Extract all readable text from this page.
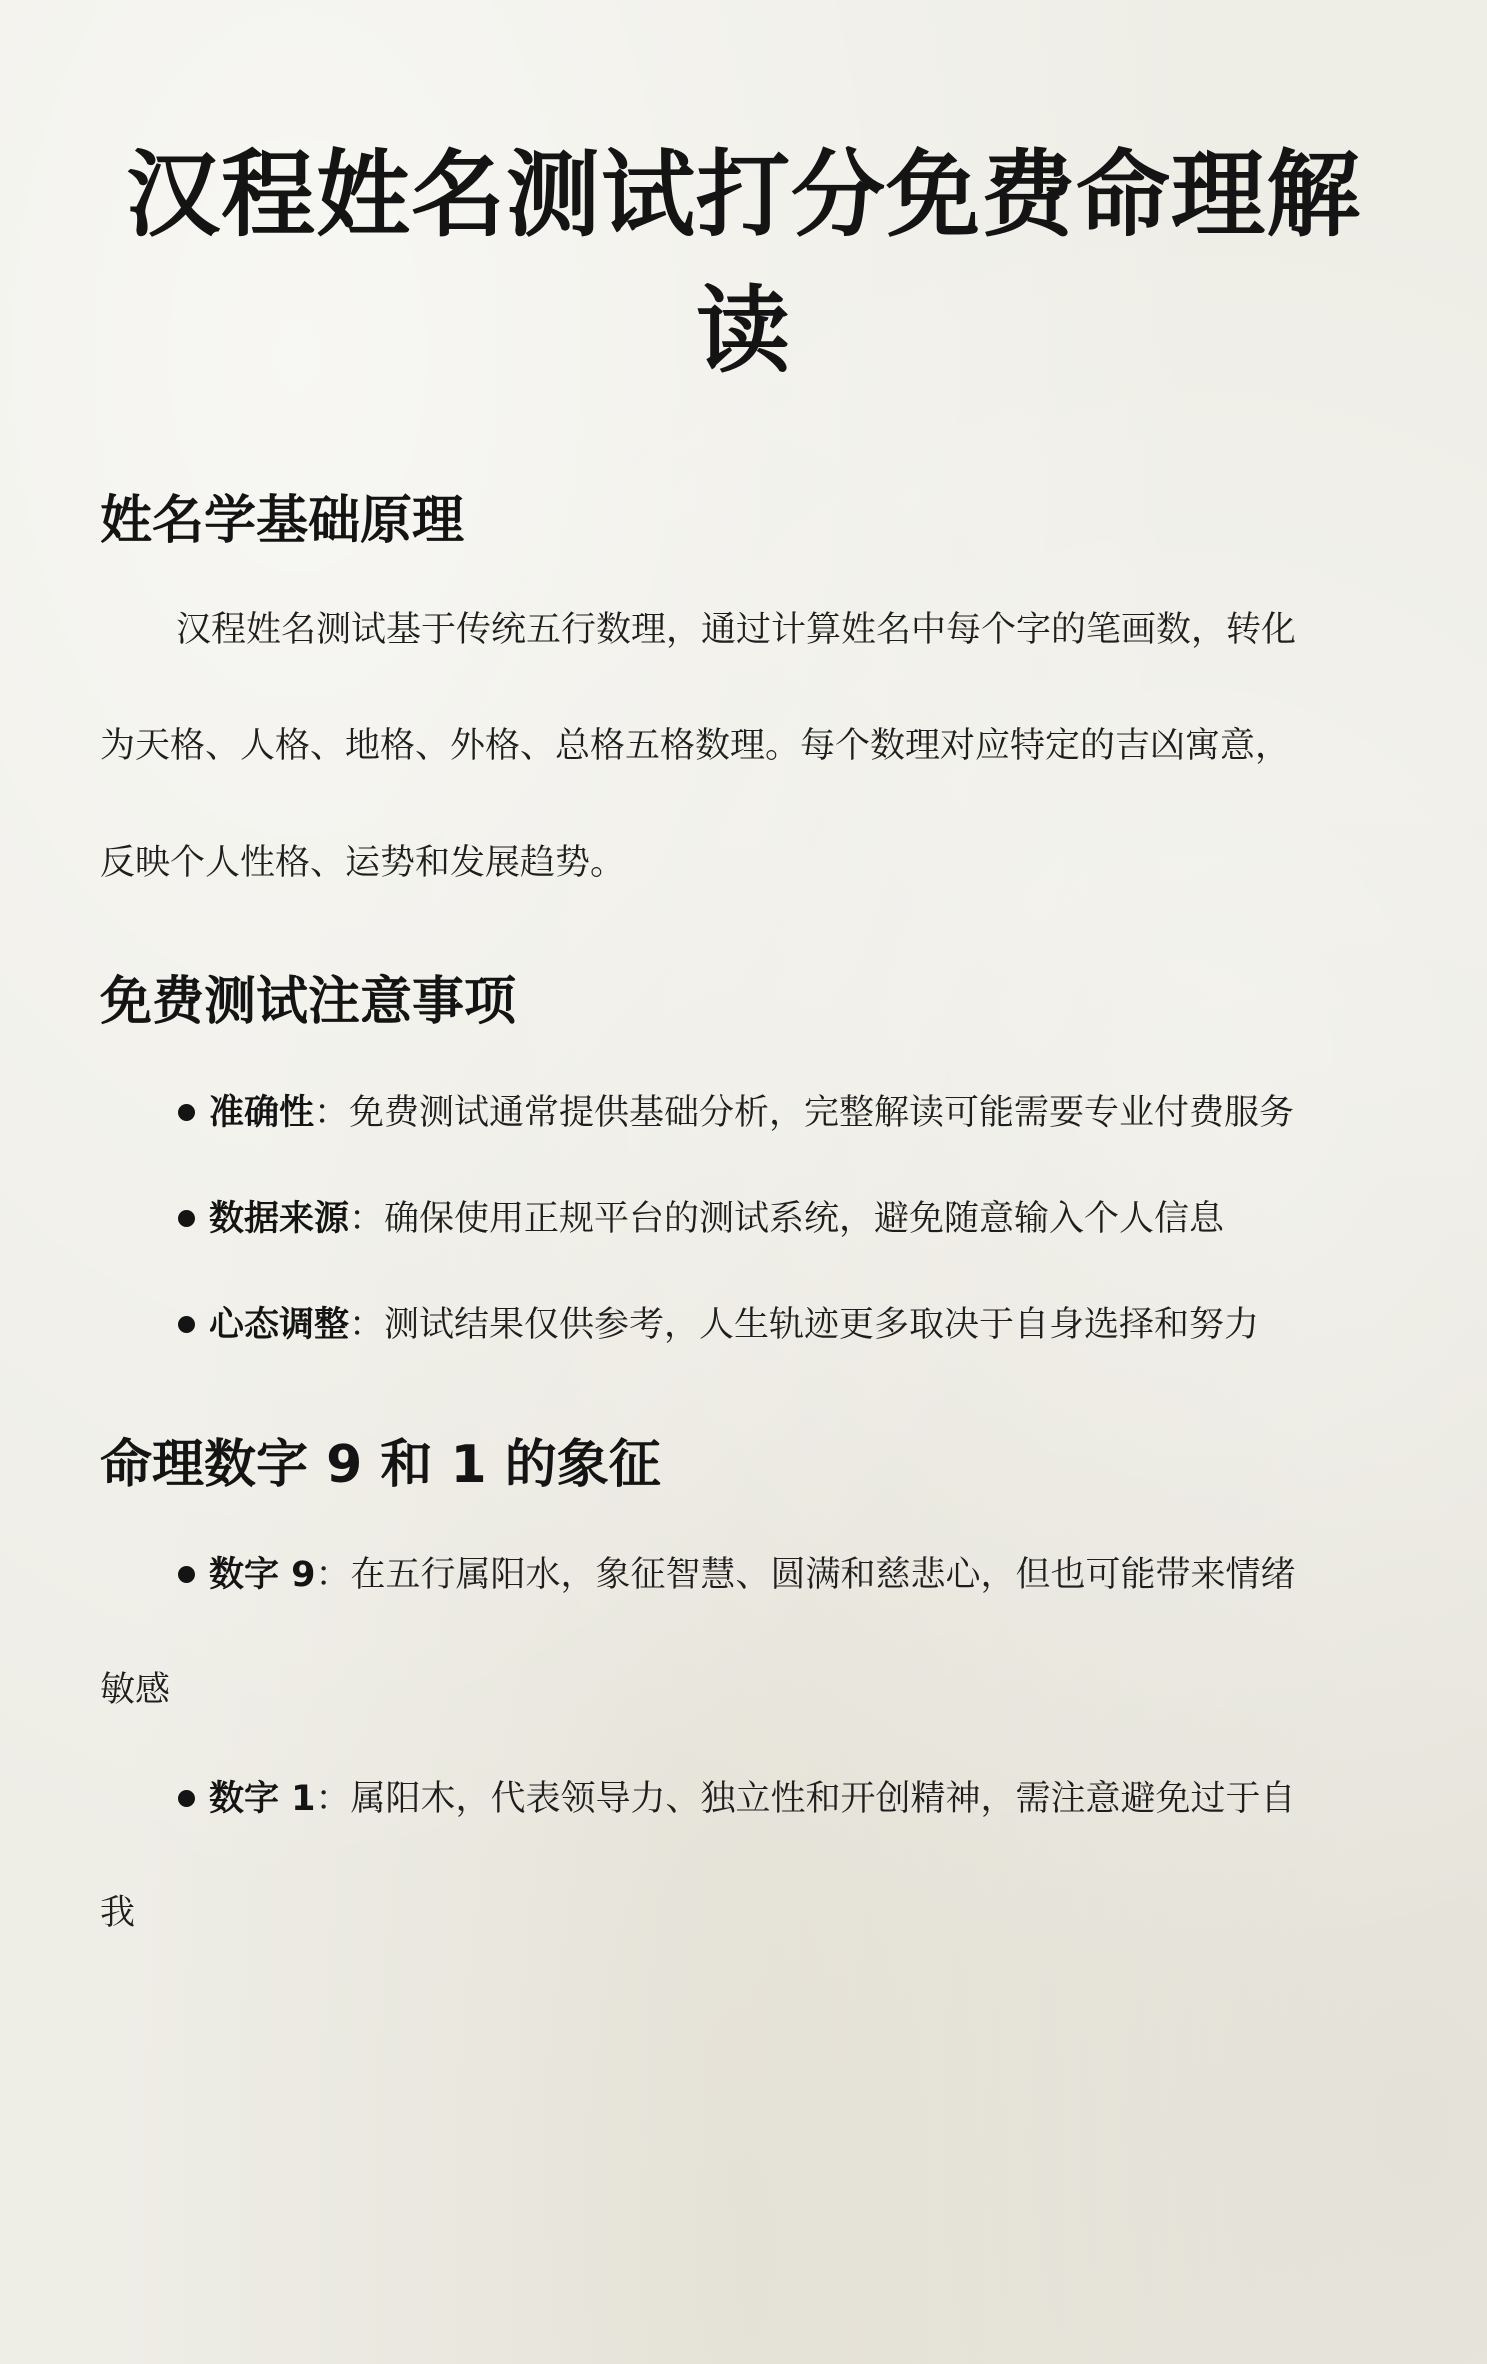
汉程姓名测试打分免费命理解
读
姓名学基础原理

汉程姓名测试基于传统五行数理，通过计算姓名中每个字的笔画数，转化

为天格、人格、地格、外格、总格五格数理。每个数理对应特定的吉凶寓意，

反映个人性格、运势和发展趋势。

免费测试注意事项

准确性：免费测试通常提供基础分析，完整解读可能需要专业付费服务

数据来源：确保使用正规平台的测试系统，避免随意输入个人信息

心态调整：测试结果仅供参考，人生轨迹更多取决于自身选择和努力

命理数字 9 和 1 的象征

数字 9：在五行属阳水，象征智慧、圆满和慈悲心，但也可能带来情绪

敏感

数字 1：属阳木，代表领导力、独立性和开创精神，需注意避免过于自

我
